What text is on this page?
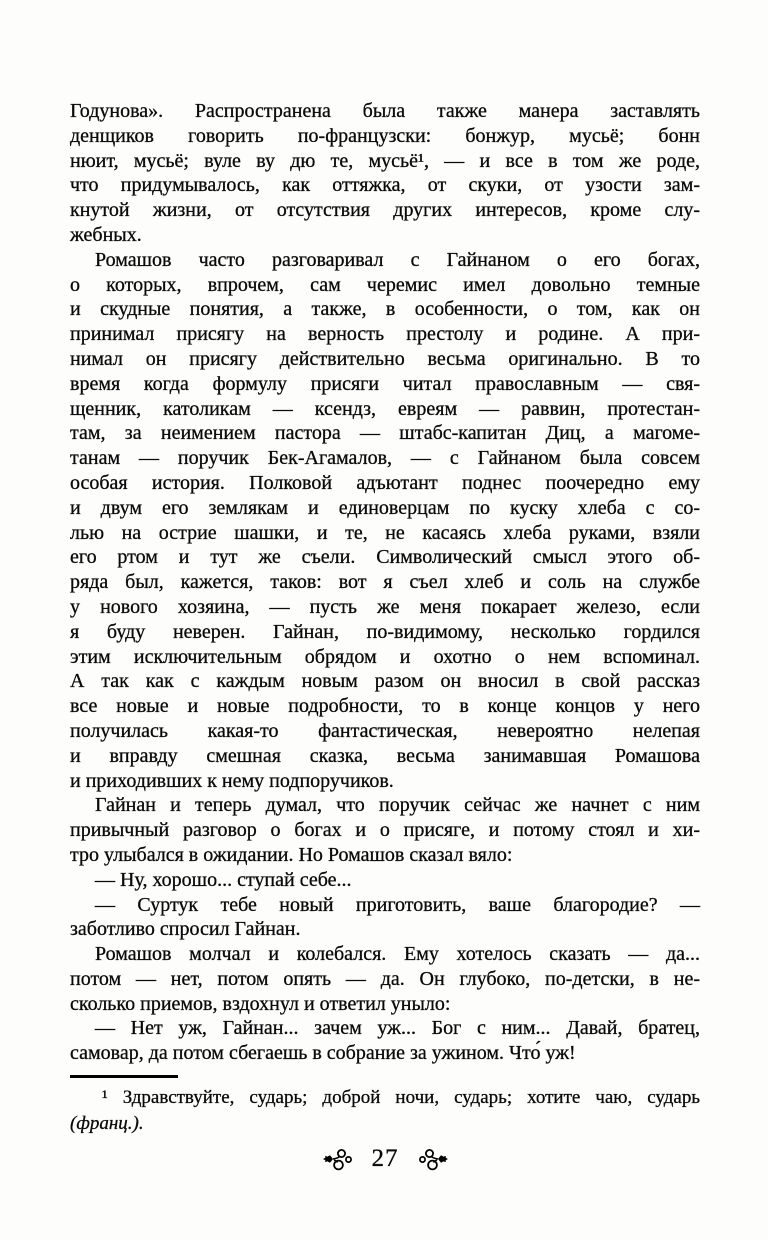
Годунова». Распространена была также манера заставлять
денщиков говорить по-французски: бонжур, мусьё; бонн
нюит, мусьё; вуле ву дю те, мусьё¹, — и все в том же роде,
что придумывалось, как оттяжка, от скуки, от узости зам-
кнутой жизни, от отсутствия других интересов, кроме слу-
жебных.
Ромашов часто разговаривал с Гайнаном о его богах,
о которых, впрочем, сам черемис имел довольно темные
и скудные понятия, а также, в особенности, о том, как он
принимал присягу на верность престолу и родине. А при-
нимал он присягу действительно весьма оригинально. В то
время когда формулу присяги читал православным — свя-
щенник, католикам — ксендз, евреям — раввин, протестан-
там, за неимением пастора — штабс-капитан Диц, а магоме-
танам — поручик Бек-Агамалов, — с Гайнаном была совсем
особая история. Полковой адъютант поднес поочередно ему
и двум его землякам и единоверцам по куску хлеба с со-
лью на острие шашки, и те, не касаясь хлеба руками, взяли
его ртом и тут же съели. Символический смысл этого об-
ряда был, кажется, таков: вот я съел хлеб и соль на службе
у нового хозяина, — пусть же меня покарает железо, если
я буду неверен. Гайнан, по-видимому, несколько гордился
этим исключительным обрядом и охотно о нем вспоминал.
А так как с каждым новым разом он вносил в свой рассказ
все новые и новые подробности, то в конце концов у него
получилась какая-то фантастическая, невероятно нелепая
и вправду смешная сказка, весьма занимавшая Ромашова
и приходивших к нему подпоручиков.
Гайнан и теперь думал, что поручик сейчас же начнет с ним
привычный разговор о богах и о присяге, и потому стоял и хи-
тро улыбался в ожидании. Но Ромашов сказал вяло:
— Ну, хорошо... ступай себе...
— Суртук тебе новый приготовить, ваше благородие? —
заботливо спросил Гайнан.
Ромашов молчал и колебался. Ему хотелось сказать — да...
потом — нет, потом опять — да. Он глубоко, по-детски, в не-
сколько приемов, вздохнул и ответил уныло:
— Нет уж, Гайнан... зачем уж... Бог с ним... Давай, братец,
самовар, да потом сбегаешь в собрание за ужином. Что́ уж!
¹ Здравствуйте, сударь; доброй ночи, сударь; хотите чаю, сударь
(франц.).
27
